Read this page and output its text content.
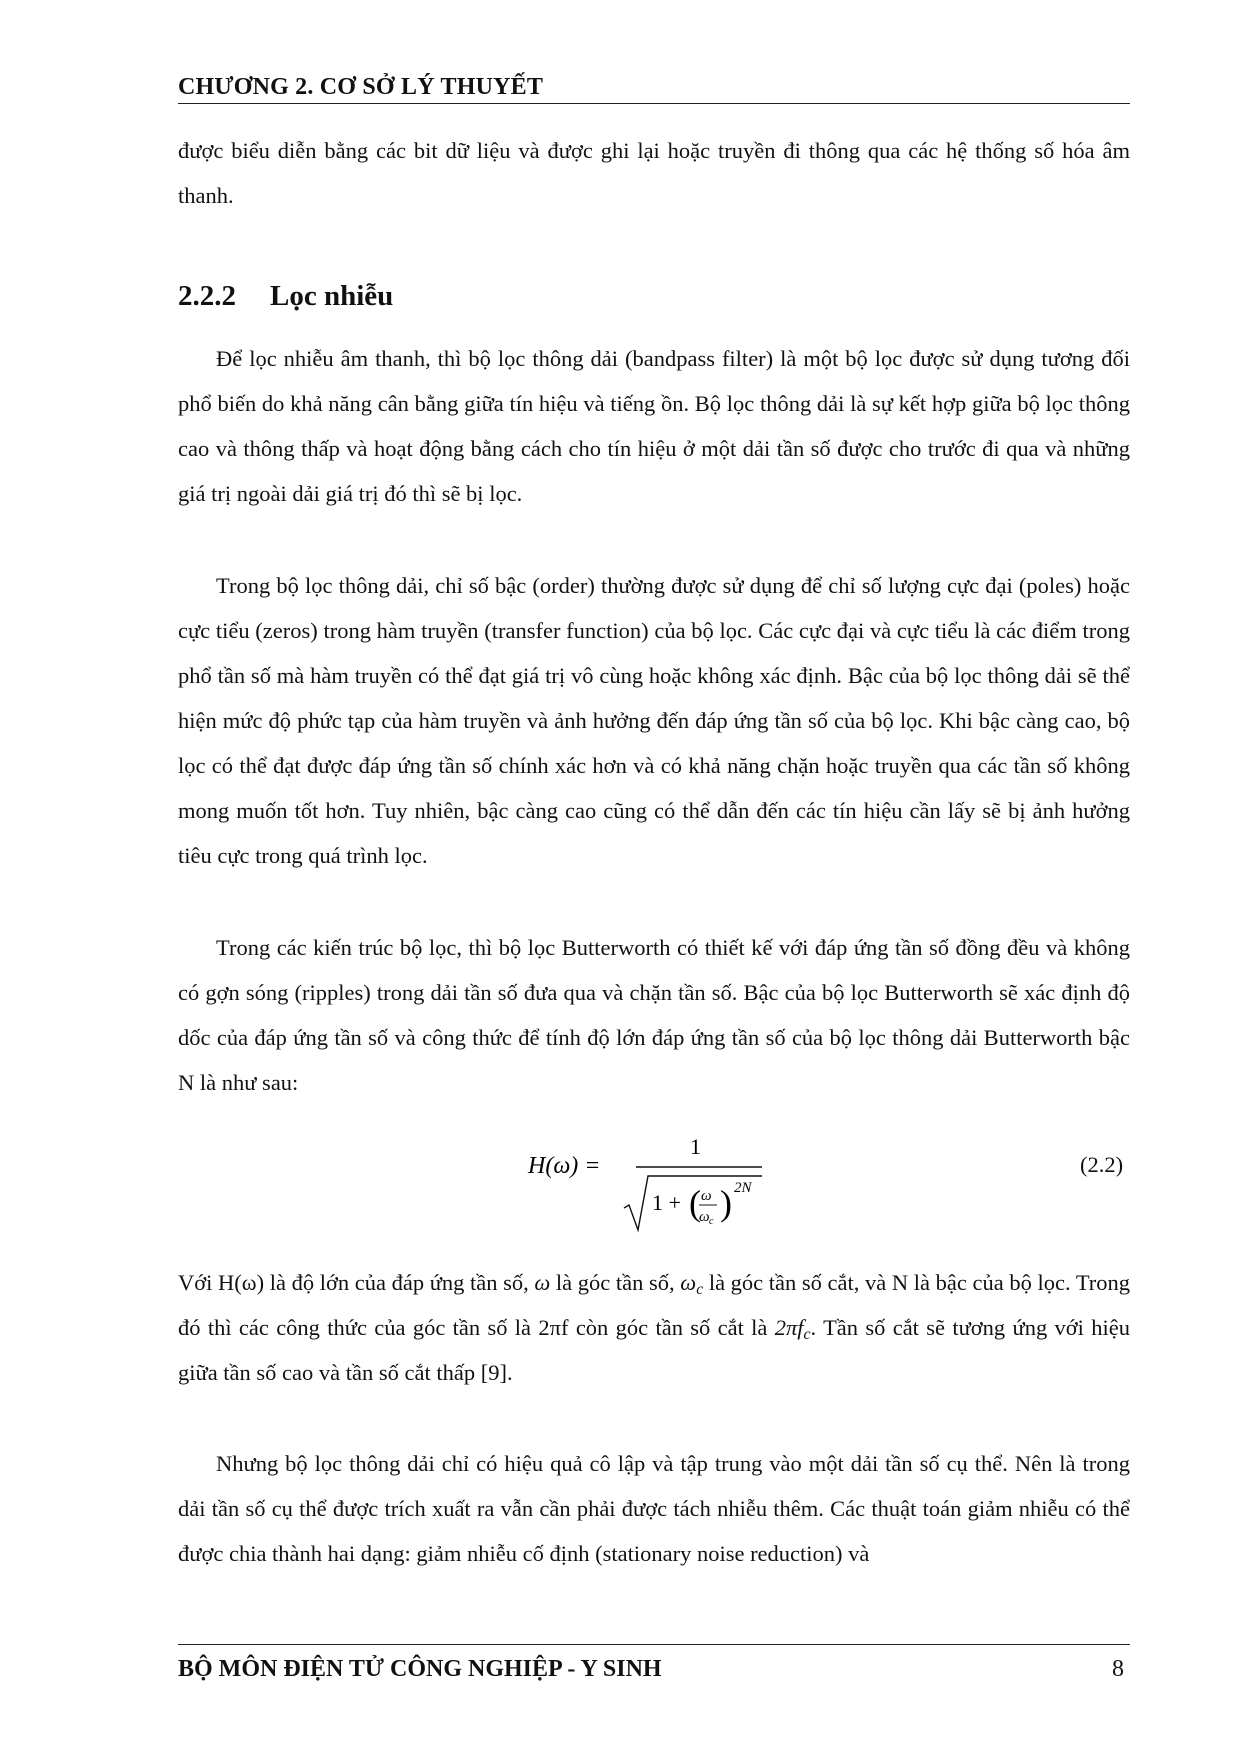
CHƯƠNG 2. CƠ SỞ LÝ THUYẾT

được biểu diễn bằng các bit dữ liệu và được ghi lại hoặc truyền đi thông qua các hệ thống số hóa âm thanh.

2.2.2 Lọc nhiễu

Để lọc nhiễu âm thanh, thì bộ lọc thông dải (bandpass filter) là một bộ lọc được sử dụng tương đối phổ biến do khả năng cân bằng giữa tín hiệu và tiếng ồn. Bộ lọc thông dải là sự kết hợp giữa bộ lọc thông cao và thông thấp và hoạt động bằng cách cho tín hiệu ở một dải tần số được cho trước đi qua và những giá trị ngoài dải giá trị đó thì sẽ bị lọc.

Trong bộ lọc thông dải, chỉ số bậc (order) thường được sử dụng để chỉ số lượng cực đại (poles) hoặc cực tiểu (zeros) trong hàm truyền (transfer function) của bộ lọc. Các cực đại và cực tiểu là các điểm trong phổ tần số mà hàm truyền có thể đạt giá trị vô cùng hoặc không xác định. Bậc của bộ lọc thông dải sẽ thể hiện mức độ phức tạp của hàm truyền và ảnh hưởng đến đáp ứng tần số của bộ lọc. Khi bậc càng cao, bộ lọc có thể đạt được đáp ứng tần số chính xác hơn và có khả năng chặn hoặc truyền qua các tần số không mong muốn tốt hơn. Tuy nhiên, bậc càng cao cũng có thể dẫn đến các tín hiệu cần lấy sẽ bị ảnh hưởng tiêu cực trong quá trình lọc.

Trong các kiến trúc bộ lọc, thì bộ lọc Butterworth có thiết kế với đáp ứng tần số đồng đều và không có gợn sóng (ripples) trong dải tần số đưa qua và chặn tần số. Bậc của bộ lọc Butterworth sẽ xác định độ dốc của đáp ứng tần số và công thức để tính độ lớn đáp ứng tần số của bộ lọc thông dải Butterworth bậc N là như sau:

H(ω) =
1
1 + ( ω
ω c ) 2N
(2.2)

Với H(ω) là độ lớn của đáp ứng tần số, ω là góc tần số, $\omega_c$ là góc tần số cắt, và N là bậc của bộ lọc. Trong đó thì các công thức của góc tần số là 2πf còn góc tần số cắt là $2\pi f_c$. Tần số cắt sẽ tương ứng với hiệu giữa tần số cao và tần số cắt thấp [9].

Nhưng bộ lọc thông dải chỉ có hiệu quả cô lập và tập trung vào một dải tần số cụ thể. Nên là trong dải tần số cụ thể được trích xuất ra vẫn cần phải được tách nhiễu thêm. Các thuật toán giảm nhiễu có thể được chia thành hai dạng: giảm nhiễu cố định (stationary noise reduction) và

BỘ MÔN ĐIỆN TỬ CÔNG NGHIỆP - Y SINH	8
